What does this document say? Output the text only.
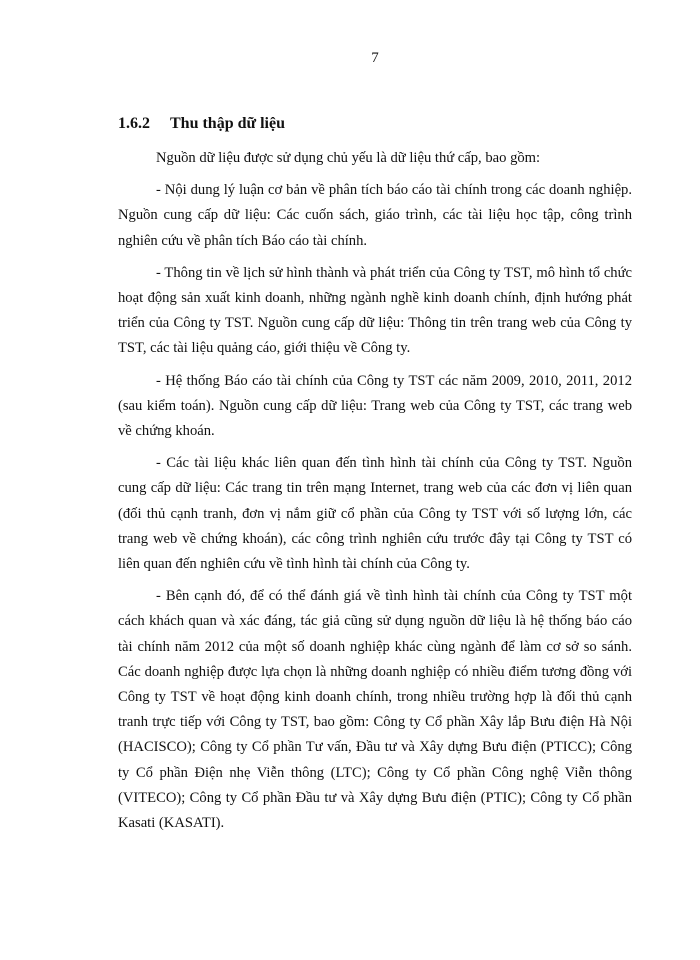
7
1.6.2 Thu thập dữ liệu

Nguồn dữ liệu được sử dụng chủ yếu là dữ liệu thứ cấp, bao gồm:

- Nội dung lý luận cơ bản về phân tích báo cáo tài chính trong các doanh nghiệp. Nguồn cung cấp dữ liệu: Các cuốn sách, giáo trình, các tài liệu học tập, công trình nghiên cứu về phân tích Báo cáo tài chính.

- Thông tin về lịch sử hình thành và phát triển của Công ty TST, mô hình tổ chức hoạt động sản xuất kinh doanh, những ngành nghề kinh doanh chính, định hướng phát triển của Công ty TST. Nguồn cung cấp dữ liệu: Thông tin trên trang web của Công ty TST, các tài liệu quảng cáo, giới thiệu về Công ty.

- Hệ thống Báo cáo tài chính của Công ty TST các năm 2009, 2010, 2011, 2012 (sau kiểm toán). Nguồn cung cấp dữ liệu: Trang web của Công ty TST, các trang web về chứng khoán.

- Các tài liệu khác liên quan đến tình hình tài chính của Công ty TST. Nguồn cung cấp dữ liệu: Các trang tin trên mạng Internet, trang web của các đơn vị liên quan (đối thủ cạnh tranh, đơn vị nắm giữ cổ phần của Công ty TST với số lượng lớn, các trang web về chứng khoán), các công trình nghiên cứu trước đây tại Công ty TST có liên quan đến nghiên cứu về tình hình tài chính của Công ty.

- Bên cạnh đó, để có thể đánh giá về tình hình tài chính của Công ty TST một cách khách quan và xác đáng, tác giả cũng sử dụng nguồn dữ liệu là hệ thống báo cáo tài chính năm 2012 của một số doanh nghiệp khác cùng ngành để làm cơ sở so sánh. Các doanh nghiệp được lựa chọn là những doanh nghiệp có nhiều điểm tương đồng với Công ty TST về hoạt động kinh doanh chính, trong nhiều trường hợp là đối thủ cạnh tranh trực tiếp với Công ty TST, bao gồm: Công ty Cổ phần Xây lắp Bưu điện Hà Nội (HACISCO); Công ty Cổ phần Tư vấn, Đầu tư và Xây dựng Bưu điện (PTICC); Công ty Cổ phần Điện nhẹ Viễn thông (LTC); Công ty Cổ phần Công nghệ Viễn thông (VITECO); Công ty Cổ phần Đầu tư và Xây dựng Bưu điện (PTIC); Công ty Cổ phần Kasati (KASATI).
